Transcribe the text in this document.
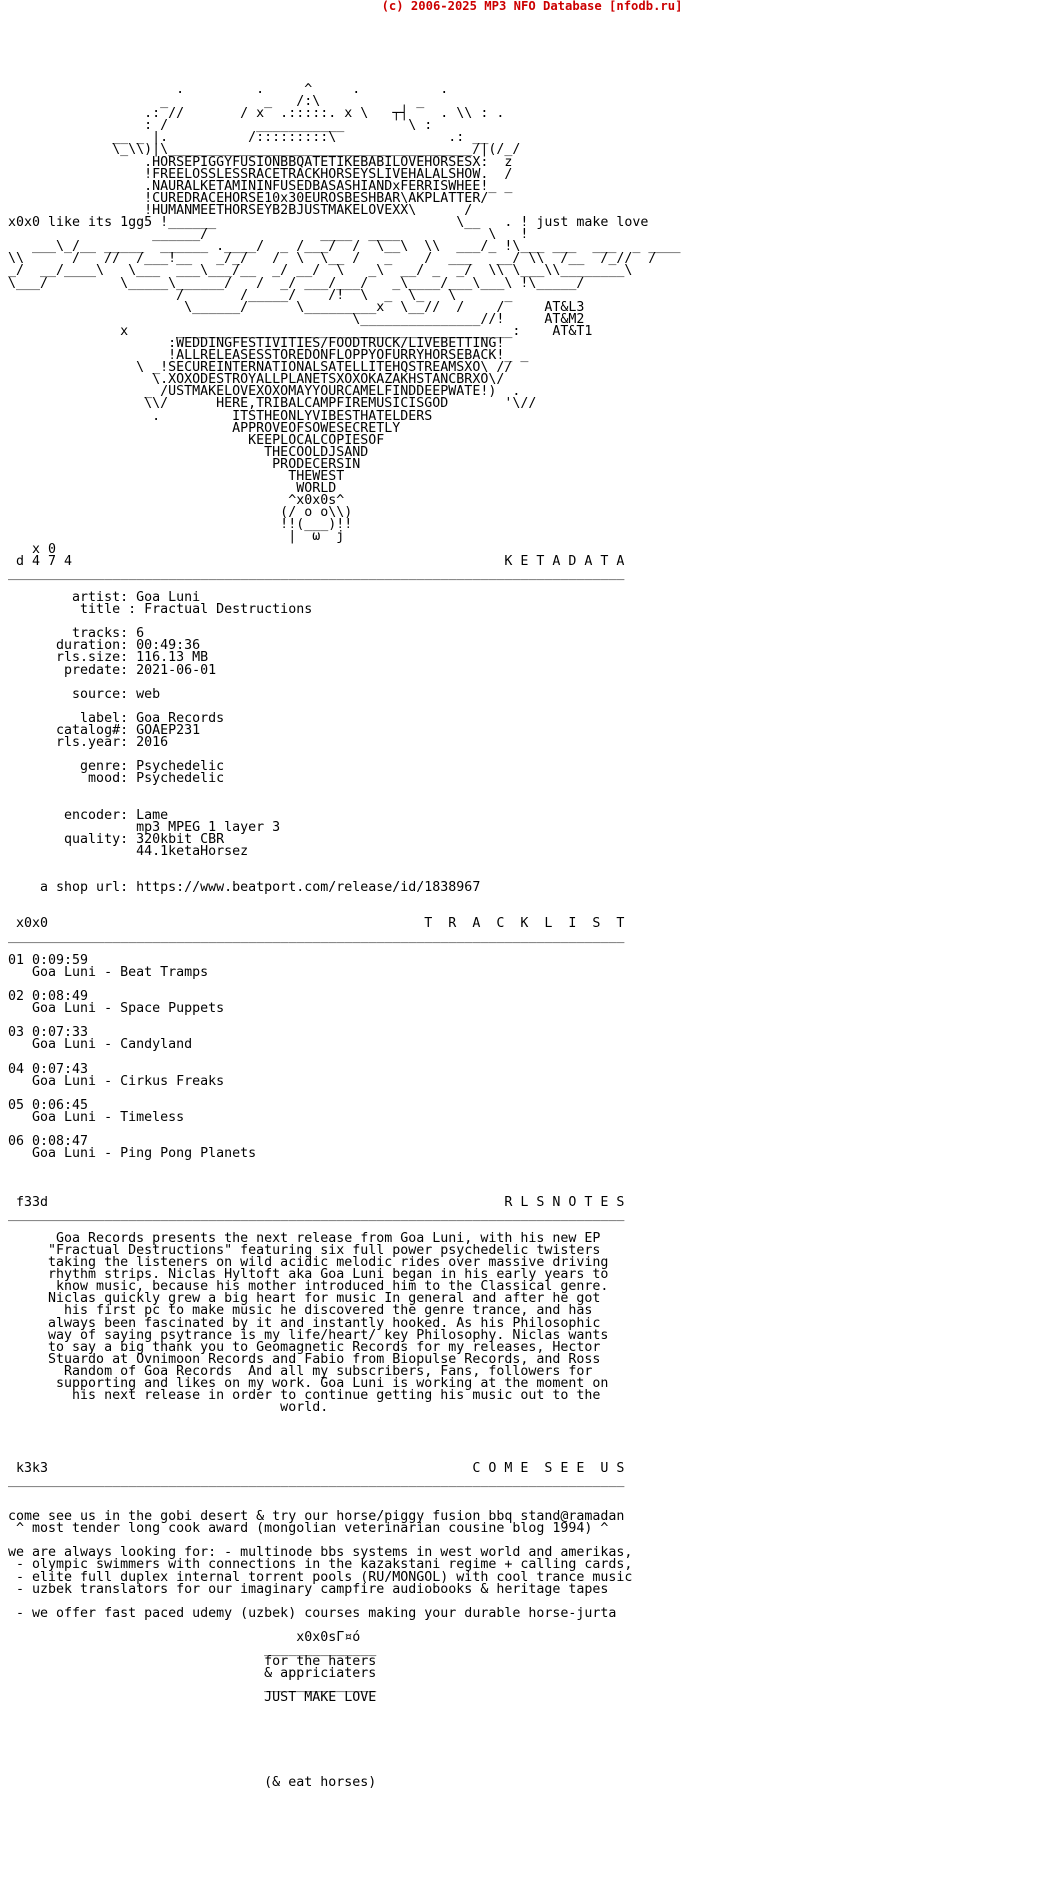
(c) 2006-2025 MP3 NFO Database [nfodb.ru]
.         .     ^     .          .
_            _   /:\            _
.: //       / x  .:::::. x \   ┬┤    . \\ : .
: /           ___________        \ :
__ _ |.          /:::::::::\              .: __
\_\\)|\______________________________________/|(/_/
.HORSEPIGGYFUSIONBBQATETIKEBABILOVEHORSESX:  z
!FREELOSSLESSRACETRACKHORSEYSLIVEHALALSHOW.  /
.NAURALKETAMININFUSEDBASASHIANDxFERRISWHEE!_ _
!CUREDRACEHORSE10x30EUROSBESHBAR\AKPLATTER/
!HUMANMEETHORSEYB2BJUSTMAKELOVEXX\      /
x0x0 like its 1gg5 !______                              \__   . ! just make love
______/              ____  ____           \   !
___\_/__ _____  ______ .____/  _ /___/  /  \__\  \\  ___/_ !\___ ___  ___  _ ____
\\      /   //  /___!__   _/_/   /  \  \__ /   _    /  ___   __/ \\  /__  /_//  /
_/  __/____\   \___  ___\___/__  _/ __/  \   _\  __/ _  _/  \\ \___\\________\
\___/         \_____\______/   /  _/ ___/___/   _\____/___\___\ !\_____/
/       /_____/    /!  \  _  \_   \      _
\______/      \_________x  \__//  /    /     AT&L3
\_______________//!     AT&M2
x      __________________________________________:    AT&T1
:WEDDINGFESTIVITIES/FOODTRUCK/LIVEBETTING!
!ALLRELEASESSTOREDONFLOPPYOFURRYHORSEBACK!_ _
\ _!SECUREINTERNATIONALSATELLITEHQSTREAMSXO\ //
\.XOXODESTROYALLPLANETSXOXOKAZAKHSTANCBRXO\/
_ /USTMAKELOVEXOXOMAYYOURCAMELFINDDEEPWATE!)  .
\\/      HERE,TRIBALCAMPFIREMUSICISGOD       '\//
.         ITSTHEONLYVIBESTHATELDERS
APPROVEOFSOWESECRETLY
KEEPLOCALCOPIESOF
THECOOLDJSAND
PRODECERSIN
THEWEST
WORLD
^x0x0s^
(/ o o\\)
!!(___)!!
|  ω  j
x 0
d 4 7 4                                                      K E T A D A T A
_____________________________________________________________________________

artist: Goa Luni
title : Fractual Destructions

tracks: 6
duration: 00:49:36
rls.size: 116.13 MB
predate: 2021-06-01

source: web

label: Goa Records
catalog#: GOAEP231
rls.year: 2016

genre: Psychedelic
mood: Psychedelic

encoder: Lame
mp3 MPEG 1 layer 3
quality: 320kbit CBR
44.1ketaHorsez

a shop url: https://www.beatport.com/release/id/1838967

x0x0                                               T  R  A  C  K  L  I  S  T
_____________________________________________________________________________

01 0:09:59
Goa Luni - Beat Tramps

02 0:08:49
Goa Luni - Space Puppets

03 0:07:33
Goa Luni - Candyland

04 0:07:43
Goa Luni - Cirkus Freaks

05 0:06:45
Goa Luni - Timeless

06 0:08:47
Goa Luni - Ping Pong Planets

f33d                                                         R L S N O T E S
_____________________________________________________________________________

Goa Records presents the next release from Goa Luni, with his new EP
"Fractual Destructions" featuring six full power psychedelic twisters
taking the listeners on wild acidic melodic rides over massive driving
rhythm strips. Niclas Hyltoft aka Goa Luni began in his early years to
know music, because his mother introduced him to the Classical genre.
Niclas quickly grew a big heart for music In general and after he got
his first pc to make music he discovered the genre trance, and has
always been fascinated by it and instantly hooked. As his Philosophic
way of saying psytrance is my life/heart/ key Philosophy. Niclas wants
to say a big thank you to Geomagnetic Records for my releases, Hector
Stuardo at Ovnimoon Records and Fabio from Biopulse Records, and Ross
Random of Goa Records  And all my subscribers, Fans, followers for
supporting and likes on my work. Goa Luni is working at the moment on
his next release in order to continue getting his music out to the
world.

k3k3                                                     C O M E  S E E  U S
_____________________________________________________________________________

come see us in the gobi desert & try our horse/piggy fusion bbq stand@ramadan
^ most tender long cook award (mongolian veterinarian cousine blog 1994) ^

we are always looking for: - multinode bbs systems in west world and amerikas,
- olympic swimmers with connections in the kazakstani regime + calling cards,
- elite full duplex internal torrent pools (RU/MONGOL) with cool trance music
- uzbek translators for our imaginary campfire audiobooks & heritage tapes

- we offer fast paced udemy (uzbek) courses making your durable horse-jurta

x0x0sГ¤ó
______________
for the haters
& appriciaters
______________
JUST MAKE LOVE

(& eat horses)
